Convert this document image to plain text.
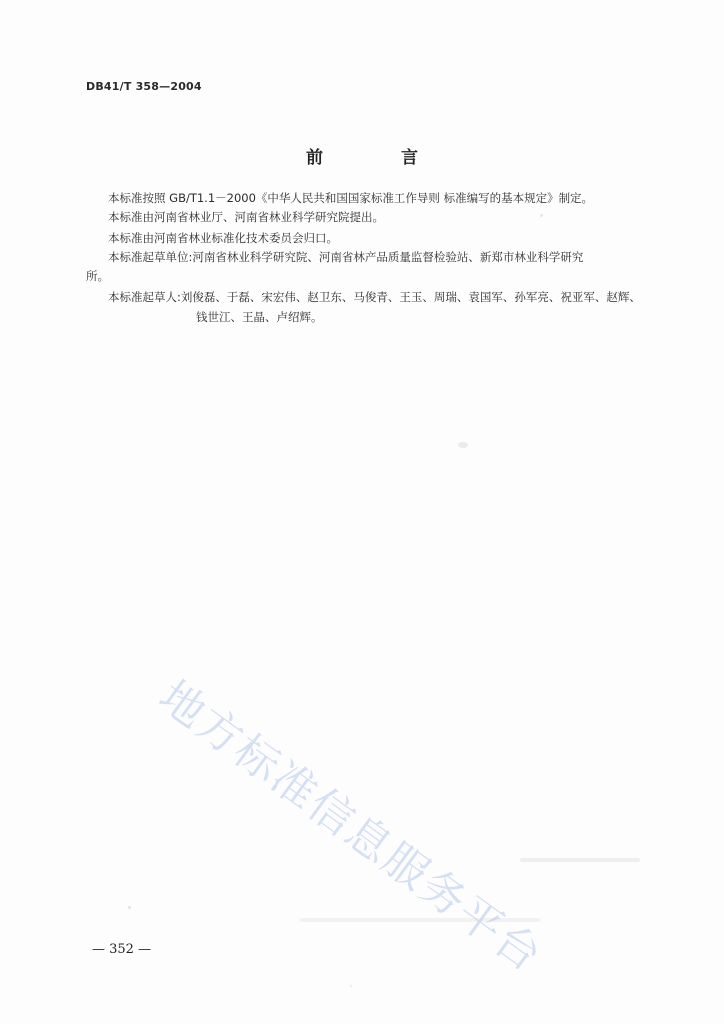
DB41/T 358—2004
前 言
本标准按照 GB/T1.1－2000《中华人民共和国国家标准工作导则 标准编写的基本规定》制定。
本标准由河南省林业厅、河南省林业科学研究院提出。
本标准由河南省林业标准化技术委员会归口。
本标准起草单位:河南省林业科学研究院、河南省林产品质量监督检验站、新郑市林业科学研究
所。
本标准起草人:刘俊磊、于磊、宋宏伟、赵卫东、马俊青、王玉、周瑞、袁国军、孙军亮、祝亚军、赵辉、
钱世江、王晶、卢绍辉。
地方标准信息服务平台
— 352 —
